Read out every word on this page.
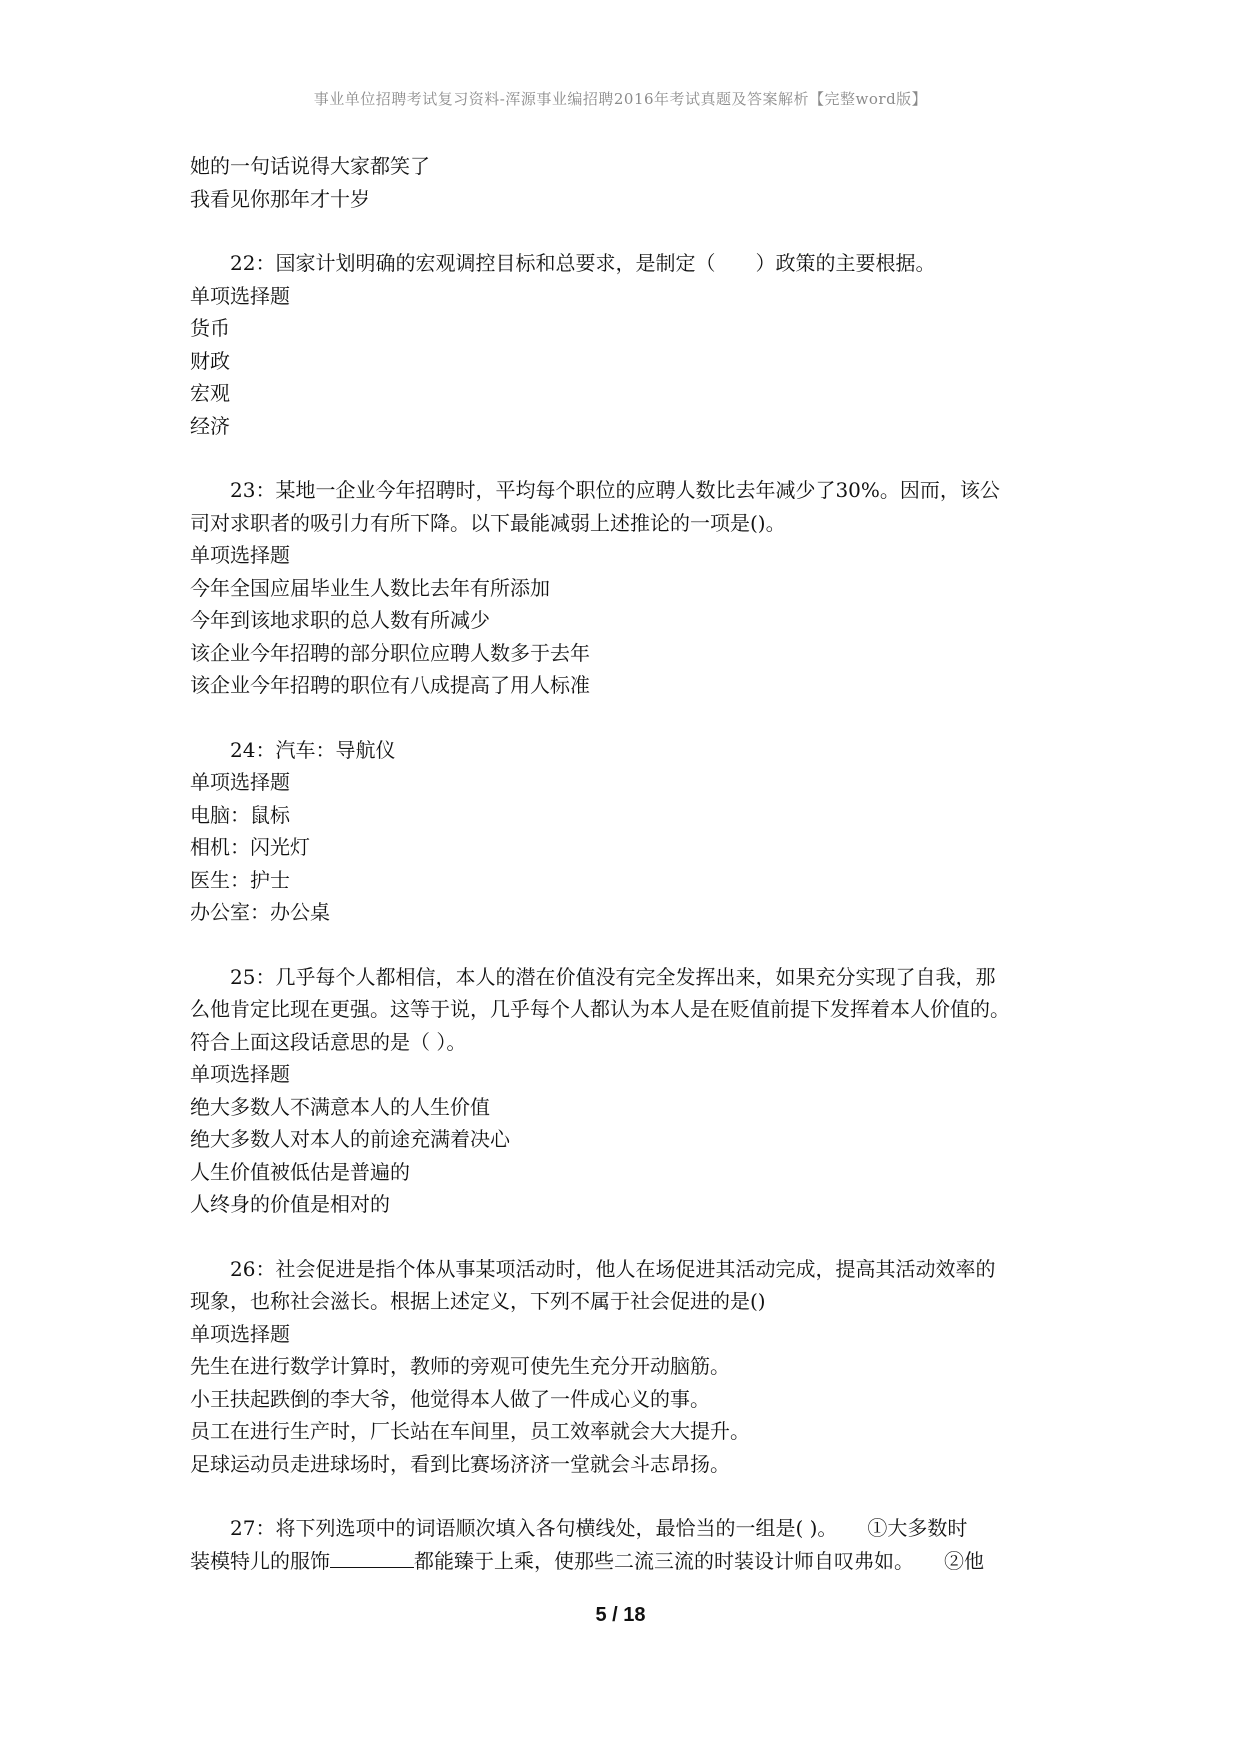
事业单位招聘考试复习资料-浑源事业编招聘2016年考试真题及答案解析【完整word版】
她的一句话说得大家都笑了
我看见你那年才十岁
22：国家计划明确的宏观调控目标和总要求，是制定（　　）政策的主要根据。
单项选择题
货币
财政
宏观
经济
23：某地一企业今年招聘时，平均每个职位的应聘人数比去年减少了30%。因而，该公
司对求职者的吸引力有所下降。以下最能减弱上述推论的一项是()。
单项选择题
今年全国应届毕业生人数比去年有所添加
今年到该地求职的总人数有所减少
该企业今年招聘的部分职位应聘人数多于去年
该企业今年招聘的职位有八成提高了用人标准
24：汽车：导航仪
单项选择题
电脑：鼠标
相机：闪光灯
医生：护士
办公室：办公桌
25：几乎每个人都相信，本人的潜在价值没有完全发挥出来，如果充分实现了自我，那
么他肯定比现在更强。这等于说，几乎每个人都认为本人是在贬值前提下发挥着本人价值的。
符合上面这段话意思的是（ ）。
单项选择题
绝大多数人不满意本人的人生价值
绝大多数人对本人的前途充满着决心
人生价值被低估是普遍的
人终身的价值是相对的
26：社会促进是指个体从事某项活动时，他人在场促进其活动完成，提高其活动效率的
现象，也称社会滋长。根据上述定义，下列不属于社会促进的是()
单项选择题
先生在进行数学计算时，教师的旁观可使先生充分开动脑筋。
小王扶起跌倒的李大爷，他觉得本人做了一件成心义的事。
员工在进行生产时，厂长站在车间里，员工效率就会大大提升。
足球运动员走进球场时，看到比赛场济济一堂就会斗志昂扬。
27：将下列选项中的词语顺次填入各句横线处，最恰当的一组是( )。　　①大多数时
装模特儿的服饰	都能臻于上乘，使那些二流三流的时装设计师自叹弗如。　　②他
5 / 18
